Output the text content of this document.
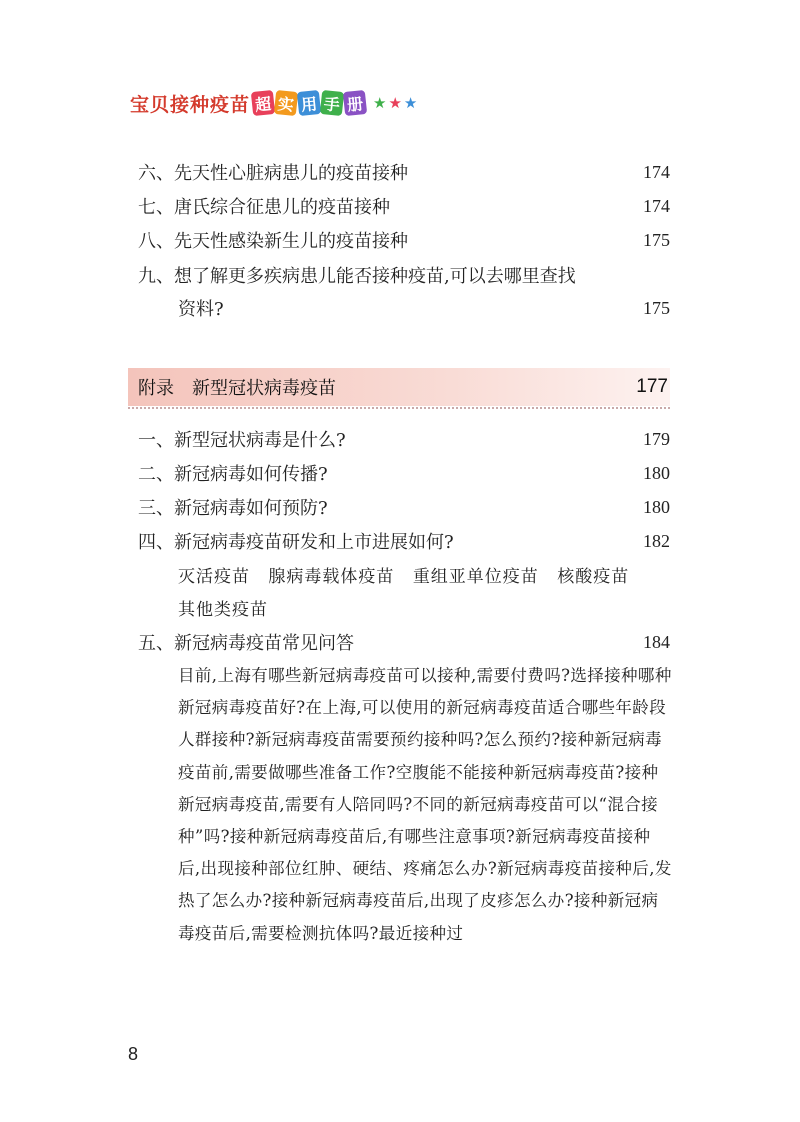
宝贝接种疫苗 超 实 用 手 册 ★ ★ ★
六、先天性心脏病患儿的疫苗接种	174
七、唐氏综合征患儿的疫苗接种	174
八、先天性感染新生儿的疫苗接种	175
九、想了解更多疾病患儿能否接种疫苗,可以去哪里查找
资料?	175
附录　新型冠状病毒疫苗	177
一、新型冠状病毒是什么?	179
二、新冠病毒如何传播?	180
三、新冠病毒如何预防?	180
四、新冠病毒疫苗研发和上市进展如何?	182
灭活疫苗 腺病毒载体疫苗 重组亚单位疫苗 核酸疫苗
其他类疫苗
五、新冠病毒疫苗常见问答	184
目前,上海有哪些新冠病毒疫苗可以接种,需要付费吗?选择接种哪种新冠病毒疫苗好?在上海,可以使用的新冠病毒疫苗适合哪些年龄段人群接种?新冠病毒疫苗需要预约接种吗?怎么预约?接种新冠病毒疫苗前,需要做哪些准备工作?空腹能不能接种新冠病毒疫苗?接种新冠病毒疫苗,需要有人陪同吗?不同的新冠病毒疫苗可以“混合接种”吗?接种新冠病毒疫苗后,有哪些注意事项?新冠病毒疫苗接种后,出现接种部位红肿、硬结、疼痛怎么办?新冠病毒疫苗接种后,发热了怎么办?接种新冠病毒疫苗后,出现了皮疹怎么办?接种新冠病毒疫苗后,需要检测抗体吗?最近接种过
8
